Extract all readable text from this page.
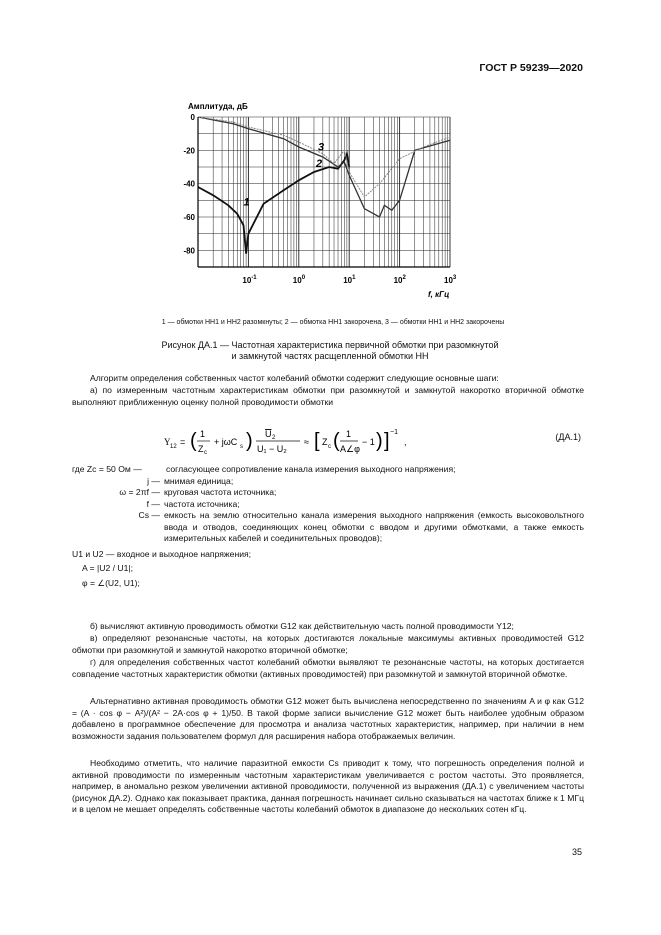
ГОСТ Р 59239—2020
1
2
3
Амплитуда, дБ
0
-20
-40
-60
-80
$10^{-1}$	$10^0$	$10^1$	$10^2$	$10^3$
f, кГц
1 — обмотки НН1 и НН2 разомкнуты; 2 — обмотка НН1 закорочена, 3 — обмотки НН1 и НН2 закорочены
Рисунок ДА.1 — Частотная характеристика первичной обмотки при разомкнутой
и замкнутой частях расщепленной обмотки НН
Алгоритм определения собственных частот колебаний обмотки содержит следующие основные шаги:
а) по измеренным частотным характеристикам обмотки при разомкнутой и замкнутой накоротко вторичной обмотке выполняют приближенную оценку полной проводимости обмотки
Y 12 = ( 1
Z c
+ jωC s ) U 2
U₁ − U₂
≈ [ Z c ( 1
A∠φ
− 1 ) ] −1
,	(ДА.1)
где Zc = 50 Ом —	согласующее сопротивление канала измерения выходного напряжения;
j — мнимая единица;
ω = 2πf — круговая частота источника;
f — частота источника;
Cs — емкость на землю относительно канала измерения выходного напряжения (емкость высоковольтного ввода и отводов, соединяющих конец обмотки с вводом и другими обмотками, а также емкость измерительных кабелей и соединительных проводов);
U1 и U2 — входное и выходное напряжения;
A = |U2 / U1|;
φ = ∠(U2, U1);
б) вычисляют активную проводимость обмотки G12 как действительную часть полной проводимости Y12;
в) определяют резонансные частоты, на которых достигаются локальные максимумы активных проводимостей G12 обмотки при разомкнутой и замкнутой накоротко вторичной обмотке;
г) для определения собственных частот колебаний обмотки выявляют те резонансные частоты, на которых достигается совпадение частотных характеристик обмотки (активных проводимостей) при разомкнутой и замкнутой вторичной обмотке.
Альтернативно активная проводимость обмотки G12 может быть вычислена непосредственно по значениям A и φ как G12 = (A · cos φ − A²)/(A² − 2A·cos φ + 1)/50. В такой форме записи вычисление G12 может быть наиболее удобным образом добавлено в программное обеспечение для просмотра и анализа частотных характеристик, например, при наличии в нем возможности задания пользователем формул для расширения набора отображаемых величин.
Необходимо отметить, что наличие паразитной емкости Cs приводит к тому, что погрешность определения полной и активной проводимости по измеренным частотным характеристикам увеличивается с ростом частоты. Это проявляется, например, в аномально резком увеличении активной проводимости, полученной из выражения (ДА.1) с увеличением частоты (рисунок ДА.2). Однако как показывает практика, данная погрешность начинает сильно сказываться на частотах ближе к 1 МГц и в целом не мешает определять собственные частоты колебаний обмоток в диапазоне до нескольких сотен кГц.
35
